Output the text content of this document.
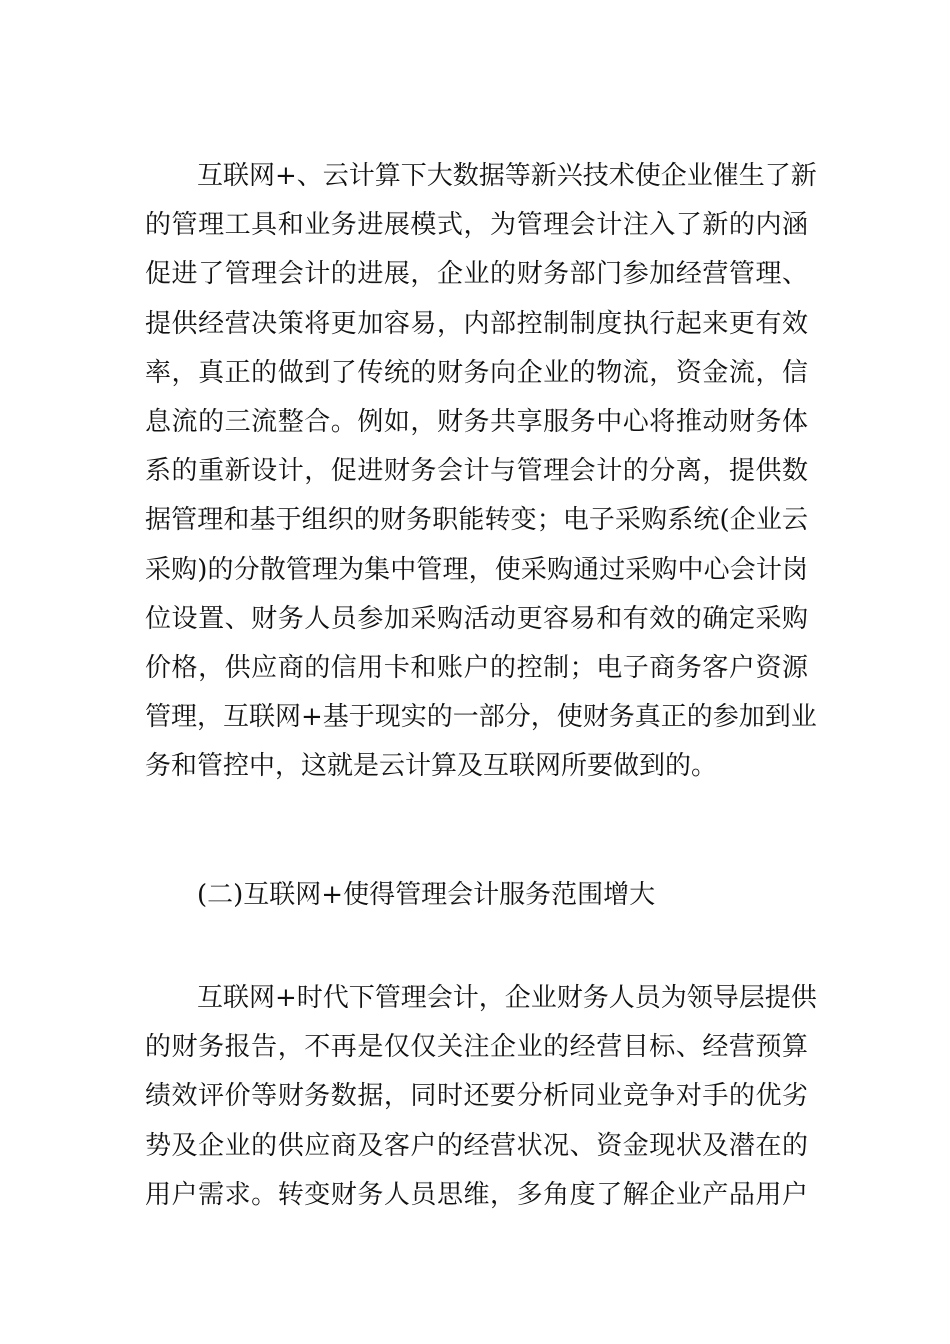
互联网+、云计算下大数据等新兴技术使企业催生了新
的管理工具和业务进展模式，为管理会计注入了新的内涵
促进了管理会计的进展，企业的财务部门参加经营管理、
提供经营决策将更加容易，内部控制制度执行起来更有效
率，真正的做到了传统的财务向企业的物流，资金流，信
息流的三流整合。例如，财务共享服务中心将推动财务体
系的重新设计，促进财务会计与管理会计的分离，提供数
据管理和基于组织的财务职能转变；电子采购系统(企业云
采购)的分散管理为集中管理，使采购通过采购中心会计岗
位设置、财务人员参加采购活动更容易和有效的确定采购
价格，供应商的信用卡和账户的控制；电子商务客户资源
管理，互联网+基于现实的一部分，使财务真正的参加到业
务和管控中，这就是云计算及互联网所要做到的。
(二)互联网+使得管理会计服务范围增大
互联网+时代下管理会计，企业财务人员为领导层提供
的财务报告，不再是仅仅关注企业的经营目标、经营预算
绩效评价等财务数据，同时还要分析同业竞争对手的优劣
势及企业的供应商及客户的经营状况、资金现状及潜在的
用户需求。转变财务人员思维，多角度了解企业产品用户
